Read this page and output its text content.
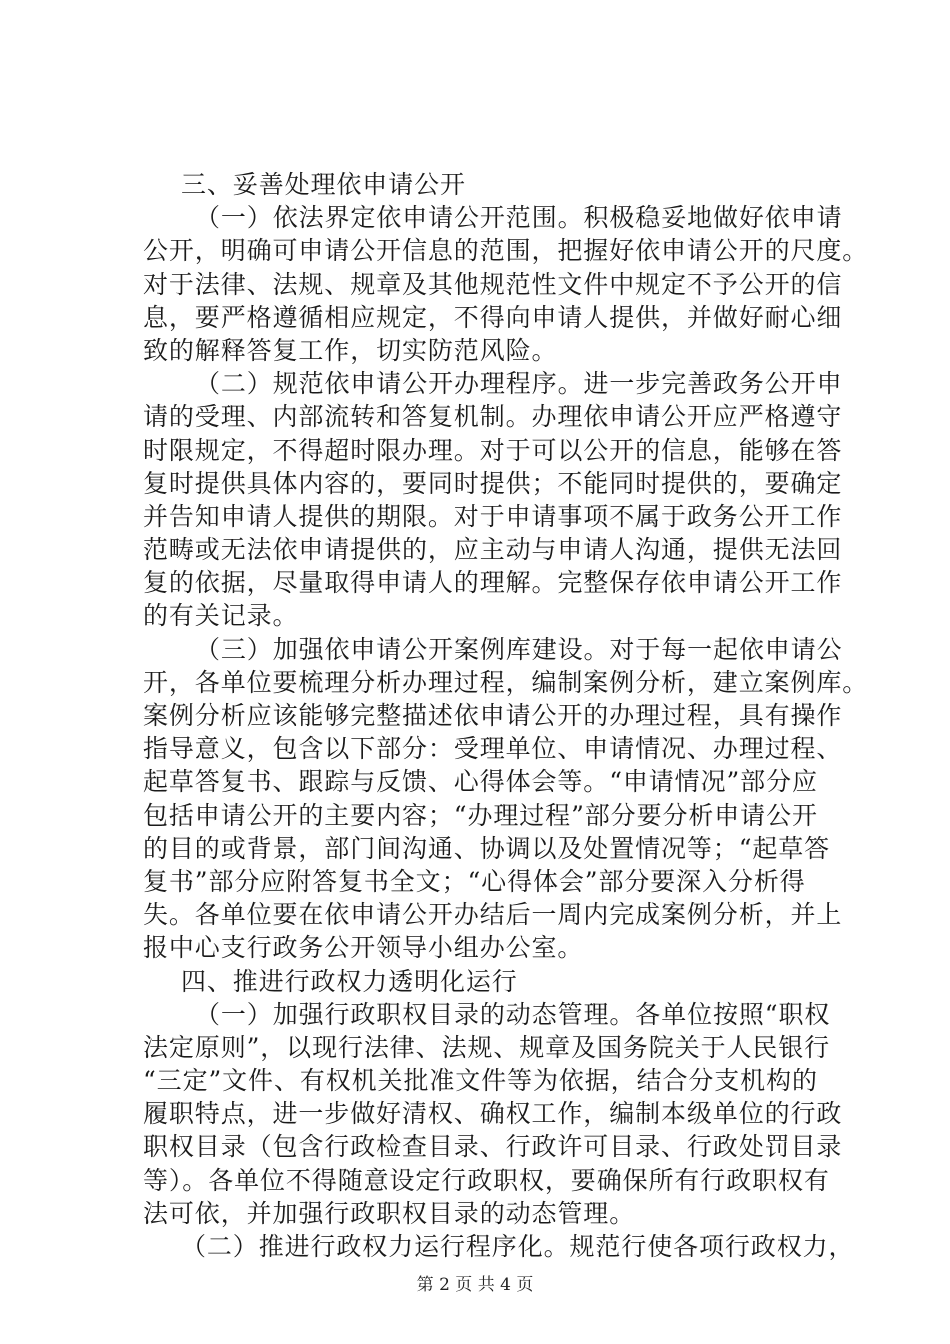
三、妥善处理依申请公开
（一）依法界定依申请公开范围。积极稳妥地做好依申请
公开，明确可申请公开信息的范围，把握好依申请公开的尺度。
对于法律、法规、规章及其他规范性文件中规定不予公开的信
息，要严格遵循相应规定，不得向申请人提供，并做好耐心细
致的解释答复工作，切实防范风险。
（二）规范依申请公开办理程序。进一步完善政务公开申
请的受理、内部流转和答复机制。办理依申请公开应严格遵守
时限规定，不得超时限办理。对于可以公开的信息，能够在答
复时提供具体内容的，要同时提供；不能同时提供的，要确定
并告知申请人提供的期限。对于申请事项不属于政务公开工作
范畴或无法依申请提供的，应主动与申请人沟通，提供无法回
复的依据，尽量取得申请人的理解。完整保存依申请公开工作
的有关记录。
（三）加强依申请公开案例库建设。对于每一起依申请公
开，各单位要梳理分析办理过程，编制案例分析，建立案例库。
案例分析应该能够完整描述依申请公开的办理过程，具有操作
指导意义，包含以下部分：受理单位、申请情况、办理过程、
起草答复书、跟踪与反馈、心得体会等。“申请情况”部分应
包括申请公开的主要内容；“办理过程”部分要分析申请公开
的目的或背景，部门间沟通、协调以及处置情况等；“起草答
复书”部分应附答复书全文；“心得体会”部分要深入分析得
失。各单位要在依申请公开办结后一周内完成案例分析，并上
报中心支行政务公开领导小组办公室。
四、推进行政权力透明化运行
（一）加强行政职权目录的动态管理。各单位按照“职权
法定原则”，以现行法律、法规、规章及国务院关于人民银行
“三定”文件、有权机关批准文件等为依据，结合分支机构的
履职特点，进一步做好清权、确权工作，编制本级单位的行政
职权目录（包含行政检查目录、行政许可目录、行政处罚目录
等）。各单位不得随意设定行政职权，要确保所有行政职权有
法可依，并加强行政职权目录的动态管理。
（二）推进行政权力运行程序化。规范行使各项行政权力，
第 2 页 共 4 页
